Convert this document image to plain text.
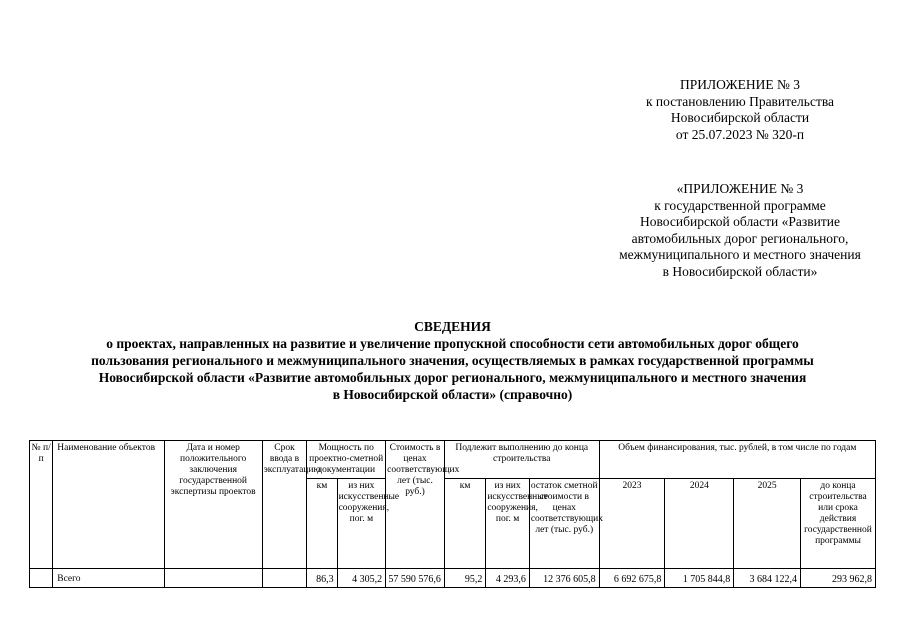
ПРИЛОЖЕНИЕ № 3
к постановлению Правительства
Новосибирской области
от 25.07.2023 № 320-п
«ПРИЛОЖЕНИЕ № 3
к государственной программе
Новосибирской области «Развитие
автомобильных дорог регионального,
межмуниципального и местного значения
в Новосибирской области»
СВЕДЕНИЯ
о проектах, направленных на развитие и увеличение пропускной способности сети автомобильных дорог общего
пользования регионального и межмуниципального значения, осуществляемых в рамках государственной программы
Новосибирской области «Развитие автомобильных дорог регионального, межмуниципального и местного значения
в Новосибирской области» (справочно)
№ п/п	Наименование объектов	Дата и номер положительного заключения государственной экспертизы проектов	Срок ввода в эксплуатацию	Мощность по проектно-сметной документации		Стоимость в ценах соответствующих лет (тыс. руб.)	Подлежит выполнению до конца строительства			Объем финансирования, тыс. рублей, в том числе по годам			
				км	из них искусственные сооружения, пог. м		км	из них искусственные сооружения, пог. м	остаток сметной стоимости в ценах соответствующих лет (тыс. руб.)	2023	2024	2025	до конца строительства или срока действия государственной программы
	Всего			86,3	4 305,2	57 590 576,6	95,2	4 293,6	12 376 605,8	6 692 675,8	1 705 844,8	3 684 122,4	293 962,8
